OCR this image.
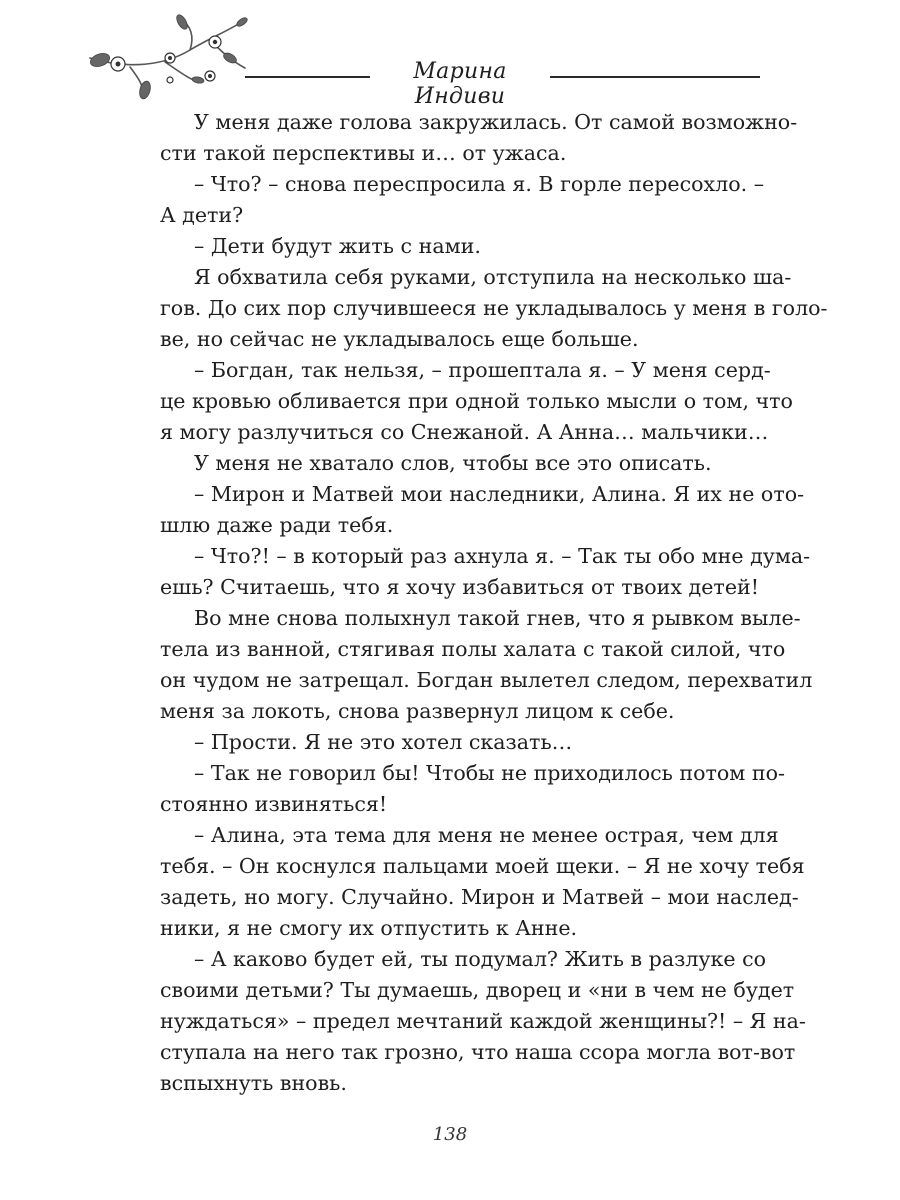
Марина Индиви
У меня даже голова закружилась. От самой возможно-
сти такой перспективы и… от ужаса.
– Что? – снова переспросила я. В горле пересохло. –
А дети?
– Дети будут жить с нами.
Я обхватила себя руками, отступила на несколько ша-
гов. До сих пор случившееся не укладывалось у меня в голо-
ве, но сейчас не укладывалось еще больше.
– Богдан, так нельзя, – прошептала я. – У меня серд-
це кровью обливается при одной только мысли о том, что
я могу разлучиться со Снежаной. А Анна… мальчики…
У меня не хватало слов, чтобы все это описать.
– Мирон и Матвей мои наследники, Алина. Я их не ото-
шлю даже ради тебя.
– Что?! – в который раз ахнула я. – Так ты обо мне дума-
ешь? Считаешь, что я хочу избавиться от твоих детей!
Во мне снова полыхнул такой гнев, что я рывком выле-
тела из ванной, стягивая полы халата с такой силой, что
он чудом не затрещал. Богдан вылетел следом, перехватил
меня за локоть, снова развернул лицом к себе.
– Прости. Я не это хотел сказать…
– Так не говорил бы! Чтобы не приходилось потом по-
стоянно извиняться!
– Алина, эта тема для меня не менее острая, чем для
тебя. – Он коснулся пальцами моей щеки. – Я не хочу тебя
задеть, но могу. Случайно. Мирон и Матвей – мои наслед-
ники, я не смогу их отпустить к Анне.
– А каково будет ей, ты подумал? Жить в разлуке со
своими детьми? Ты думаешь, дворец и «ни в чем не будет
нуждаться» – предел мечтаний каждой женщины?! – Я на-
ступала на него так грозно, что наша ссора могла вот-вот
вспыхнуть вновь.
138
